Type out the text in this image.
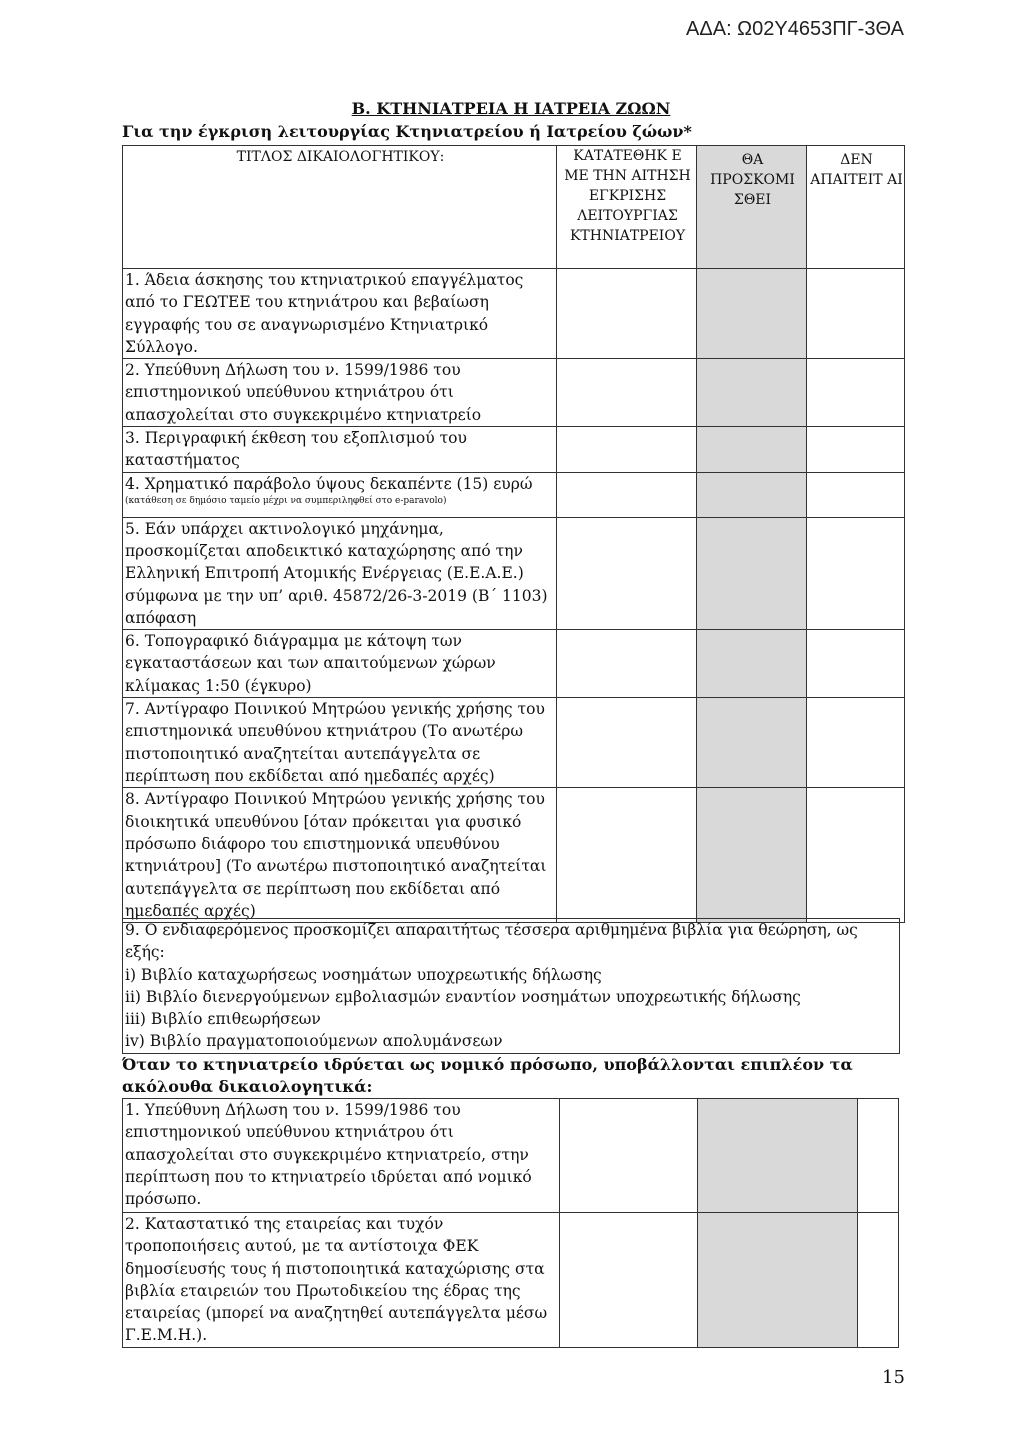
ΑΔΑ: Ω02Υ4653ΠΓ-3ΘΑ
Β. ΚΤΗΝΙΑΤΡΕΙΑ Η ΙΑΤΡΕΙΑ ΖΩΩΝ
Για την έγκριση λειτουργίας Κτηνιατρείου ή Ιατρείου ζώων*
ΤΙΤΛΟΣ ΔΙΚΑΙΟΛΟΓΗΤΙΚΟΥ:	ΚΑΤΑΤΕΘΗΚ Ε ΜΕ ΤΗΝ ΑΙΤΗΣΗ ΕΓΚΡΙΣΗΣ ΛΕΙΤΟΥΡΓΙΑΣ ΚΤΗΝΙΑΤΡΕΙΟΥ	ΘΑ ΠΡΟΣΚΟΜΙ ΣΘΕΙ	ΔΕΝ ΑΠΑΙΤΕΙΤ ΑΙ
1. Άδεια άσκησης του κτηνιατρικού επαγγέλματος από το ΓΕΩΤΕΕ του κτηνιάτρου και βεβαίωση εγγραφής του σε αναγνωρισμένο Κτηνιατρικό Σύλλογο.			
2. Υπεύθυνη Δήλωση του ν. 1599/1986 του επιστημονικού υπεύθυνου κτηνιάτρου ότι απασχολείται στο συγκεκριμένο κτηνιατρείο			
3. Περιγραφική έκθεση του εξοπλισμού του καταστήματος			

4. Χρηματικό παράβολο ύψους δεκαπέντε (15) ευρώ
(κατάθεση σε δημόσιο ταμείο μέχρι να συμπεριληφθεί στο e-paravolo)			

5. Εάν υπάρχει ακτινολογικό μηχάνημα, προσκομίζεται αποδεικτικό καταχώρησης από την Ελληνική Επιτροπή Ατομικής Ενέργειας (Ε.Ε.Α.Ε.) σύμφωνα με την υπ’ αριθ. 45872/26-3-2019 (Β΄ 1103) απόφαση			
6. Τοπογραφικό διάγραμμα με κάτοψη των εγκαταστάσεων και των απαιτούμενων χώρων κλίμακας 1:50 (έγκυρο)			
7. Αντίγραφο Ποινικού Μητρώου γενικής χρήσης του επιστημονικά υπευθύνου κτηνιάτρου (Το ανωτέρω πιστοποιητικό αναζητείται αυτεπάγγελτα σε περίπτωση που εκδίδεται από ημεδαπές αρχές)			
8. Αντίγραφο Ποινικού Μητρώου γενικής χρήσης του διοικητικά υπευθύνου [όταν πρόκειται για φυσικό πρόσωπο διάφορο του επιστημονικά υπευθύνου κτηνιάτρου] (Το ανωτέρω πιστοποιητικό αναζητείται αυτεπάγγελτα σε περίπτωση που εκδίδεται από ημεδαπές αρχές)			
9. Ο ενδιαφερόμενος προσκομίζει απαραιτήτως τέσσερα αριθμημένα βιβλία για θεώρηση, ως εξής:
i) Βιβλίο καταχωρήσεως νοσημάτων υποχρεωτικής δήλωσης
ii) Βιβλίο διενεργούμενων εμβολιασμών εναντίον νοσημάτων υποχρεωτικής δήλωσης
iii) Βιβλίο επιθεωρήσεων
iv) Βιβλίο πραγματοποιούμενων απολυμάνσεων
Όταν το κτηνιατρείο ιδρύεται ως νομικό πρόσωπο, υποβάλλονται επιπλέον τα ακόλουθα δικαιολογητικά:
1. Υπεύθυνη Δήλωση του ν. 1599/1986 του επιστημονικού υπεύθυνου κτηνιάτρου ότι απασχολείται στο συγκεκριμένο κτηνιατρείο, στην περίπτωση που το κτηνιατρείο ιδρύεται από νομικό πρόσωπο.			
2. Καταστατικό της εταιρείας και τυχόν τροποποιήσεις αυτού, με τα αντίστοιχα ΦΕΚ δημοσίευσής τους ή πιστοποιητικά καταχώρισης στα βιβλία εταιρειών του Πρωτοδικείου της έδρας της εταιρείας (μπορεί να αναζητηθεί αυτεπάγγελτα μέσω Γ.Ε.Μ.Η.).			
15
